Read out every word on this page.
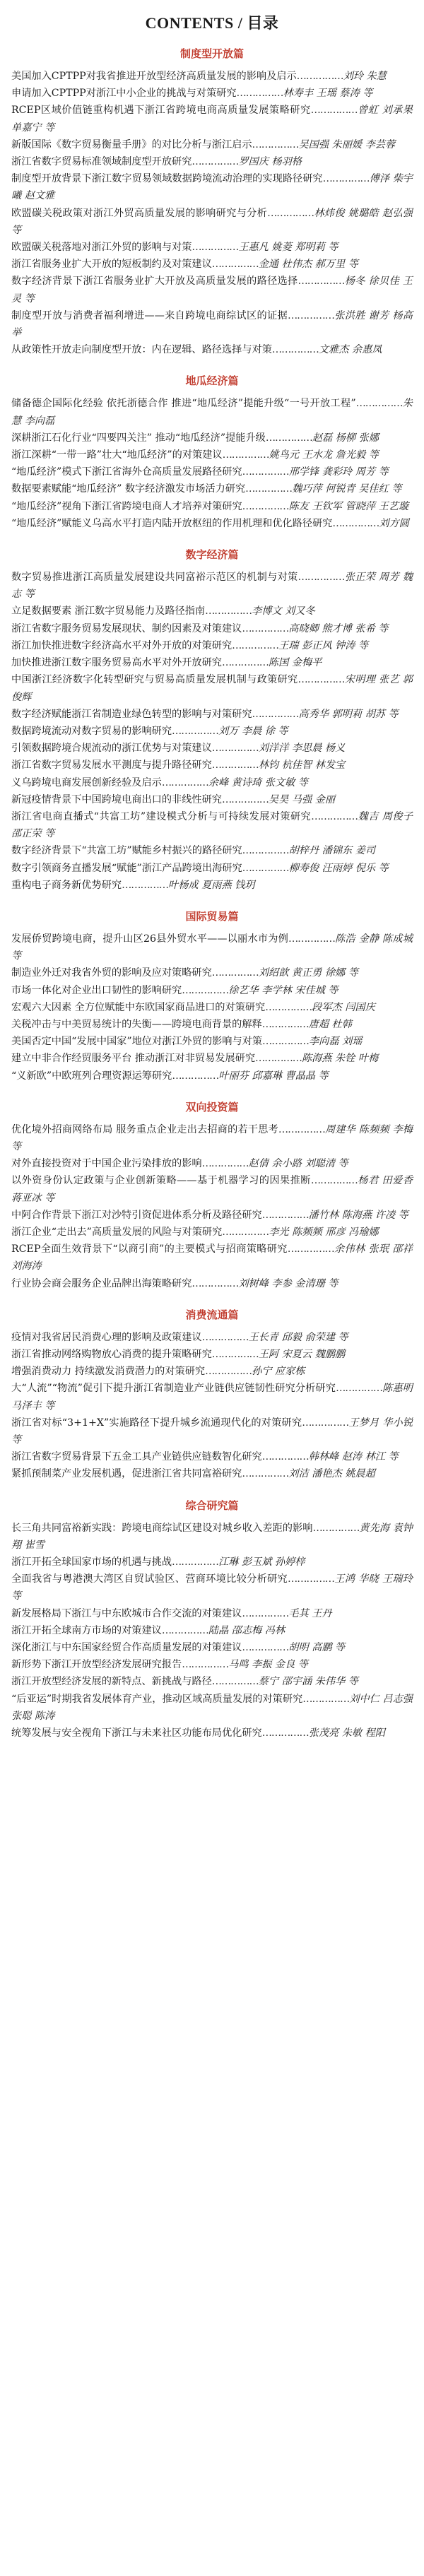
CONTENTS / 目录
制度型开放篇

美国加入CPTPP对我省推进开放型经济高质量发展的影响及启示……………刘玲 朱慧

申请加入CPTPP对浙江中小企业的挑战与对策研究……………林寿丰 王瑶 蔡涛 等

RCEP区域价值链重构机遇下浙江省跨境电商高质量发展策略研究……………曾虹 刘承果 单嘉宁 等

新版国际《数字贸易衡量手册》的对比分析与浙江启示……………吴国强 朱丽媛 李芸蓉

浙江省数字贸易标准领域制度型开放研究……………罗国庆 杨羽格

制度型开放背景下浙江数字贸易领域数据跨境流动治理的实现路径研究……………傅泽 柴宇曦 赵文雅

欧盟碳关税政策对浙江外贸高质量发展的影响研究与分析……………林炜俊 姚璐皓 赵弘强 等

欧盟碳关税落地对浙江外贸的影响与对策……………王惠凡 姚菱 郑明莉 等

浙江省服务业扩大开放的短板制约及对策建议……………金通 杜伟杰 郝万里 等

数字经济背景下浙江省服务业扩大开放及高质量发展的路径选择……………杨冬 徐贝佳 王灵 等

制度型开放与消费者福利增进——来自跨境电商综试区的证据……………张洪胜 谢芳 杨高举

从政策性开放走向制度型开放：内在逻辑、路径选择与对策……………文雅杰 余惠凤

地瓜经济篇

储备德企国际化经验 依托浙德合作 推进“地瓜经济”提能升级“一号开放工程”……………朱慧 李向磊

深耕浙江石化行业“四要四关注” 推动“地瓜经济”提能升级……………赵磊 杨柳 张娜

浙江深耕“一带一路”壮大“地瓜经济”的对策建议……………姚鸟元 王水龙 詹光毅 等

“地瓜经济”模式下浙江省海外仓高质量发展路径研究……………邢学锋 龚彩玲 周芳 等

数据要素赋能“地瓜经济” 数字经济激发市场活力研究……………魏巧萍 何锐青 吴佳红 等

“地瓜经济”视角下浙江省跨境电商人才培养对策研究……………陈友 王钦军 管晓萍 王艺璇

“地瓜经济”赋能义乌高水平打造内陆开放枢纽的作用机理和优化路径研究……………刘方圆

数字经济篇

数字贸易推进浙江高质量发展建设共同富裕示范区的机制与对策……………张正荣 周芳 魏志 等

立足数据要素 浙江数字贸易能力及路径指南……………李博文 刘又冬

浙江省数字服务贸易发展现状、制约因素及对策建议……………高晓卿 熊才博 张希 等

浙江加快推进数字经济高水平对外开放的对策研究……………王瑞 彭正风 钟涛 等

加快推进浙江数字服务贸易高水平对外开放研究……………陈国 金梅平

中国浙江经济数字化转型研究与贸易高质量发展机制与政策研究……………宋明理 张艺 郭俊辉

数字经济赋能浙江省制造业绿色转型的影响与对策研究……………高秀华 郭明莉 胡苏 等

数据跨境流动对数字贸易的影响研究……………刘万 李晨 徐 等

引领数据跨境合规流动的浙江优势与对策建议……………刘洋洋 李思晨 杨义

浙江省数字贸易发展水平测度与提升路径研究……………林钧 杭佳智 林发宝

义乌跨境电商发展创新经验及启示……………余峰 黄诗琦 张文敏 等

新冠疫情背景下中国跨境电商出口的非线性研究……………吴昊 马强 金丽

浙江省电商直播式“共富工坊”建设模式分析与可持续发展对策研究……………魏吉 周俊子 邵正荣 等

数字经济背景下“共富工坊”赋能乡村振兴的路径研究……………胡梓丹 潘锦东 姜司

数字引领商务直播发展“赋能”浙江产品跨境出海研究……………柳寿俊 汪雨婷 倪乐 等

重构电子商务新优势研究……………叶杨成 夏雨燕 钱玥

国际贸易篇

发展侨贸跨境电商，提升山区26县外贸水平——以丽水市为例……………陈浩 金静 陈成城 等

制造业外迁对我省外贸的影响及应对策略研究……………刘绍歆 黄正勇 徐娜 等

市场一体化对企业出口韧性的影响研究……………徐艺华 李学林 宋佳城 等

宏观六大因素 全方位赋能中东欧国家商品进口的对策研究……………段军杰 闫国庆

关税冲击与中美贸易统计的失衡——跨境电商背景的解释……………唐超 杜韩

美国否定中国“发展中国家”地位对浙江外贸的影响与对策……………李向磊 刘瑶

建立中非合作经贸服务平台 推动浙江对非贸易发展研究……………陈海燕 朱铨 叶梅

“义新欧”中欧班列合理资源运筹研究……………叶丽芬 邱嘉琳 曹晶晶 等

双向投资篇

优化境外招商网络布局 服务重点企业走出去招商的若干思考……………周建华 陈频频 李梅 等

对外直接投资对于中国企业污染排放的影响……………赵倩 余小路 刘聪清 等

以外资身份认定政策与企业创新策略——基于机器学习的因果推断……………杨君 田爱香 蒋亚冰 等

中阿合作背景下浙江对沙特引资促进体系分析及路径研究……………潘竹林 陈海燕 许凌 等

浙江企业“走出去”高质量发展的风险与对策研究……………李光 陈频频 邢彦 冯瑜娜

RCEP全面生效背景下“以商引商”的主要模式与招商策略研究……………余伟林 张珉 邵祥 刘海涛

行业协会商会服务企业品牌出海策略研究……………刘树峰 李参 金清珊 等

消费流通篇

疫情对我省居民消费心理的影响及政策建议……………王长青 邱毅 俞荣建 等

浙江省推动网络购物放心消费的提升策略研究……………王阿 宋夏云 魏鹏鹏

增强消费动力 持续激发消费潜力的对策研究……………孙宁 应家栋

大“人流”“物流”促引下提升浙江省制造业产业链供应链韧性研究分析研究……………陈惠明 马泽丰 等

浙江省对标“3+1+X”实施路径下提升城乡流通现代化的对策研究……………王梦月 华小锐 等

浙江省数字贸易背景下五金工具产业链供应链数智化研究……………韩林峰 赵涛 林江 等

紧抓预制菜产业发展机遇，促进浙江省共同富裕研究……………刘洁 潘艳杰 姚晨超

综合研究篇

长三角共同富裕新实践：跨境电商综试区建设对城乡收入差距的影响……………黄先海 袁钟翔 崔雪

浙江开拓全球国家市场的机遇与挑战……………江琳 彭玉斌 孙婷梓

全面我省与粤港澳大湾区自贸试验区、营商环境比较分析研究……………王鸿 华晓 王瑞玲 等

新发展格局下浙江与中东欧城市合作交流的对策建议……………毛其 王丹

浙江开拓全球南方市场的对策建议……………陆晶 邵志梅 冯林

深化浙江与中东国家经贸合作高质量发展的对策建议……………胡明 高鹏 等

新形势下浙江开放型经济发展研究报告……………马鸣 李振 金良 等

浙江开放型经济发展的新特点、新挑战与路径……………蔡宁 邵宇涵 朱伟华 等

“后亚运”时期我省发展体育产业，推动区域高质量发展的对策研究……………刘中仁 吕志强 张聪 陈涛

统筹发展与安全视角下浙江与未来社区功能布局优化研究……………张茂亮 朱敏 程阳
